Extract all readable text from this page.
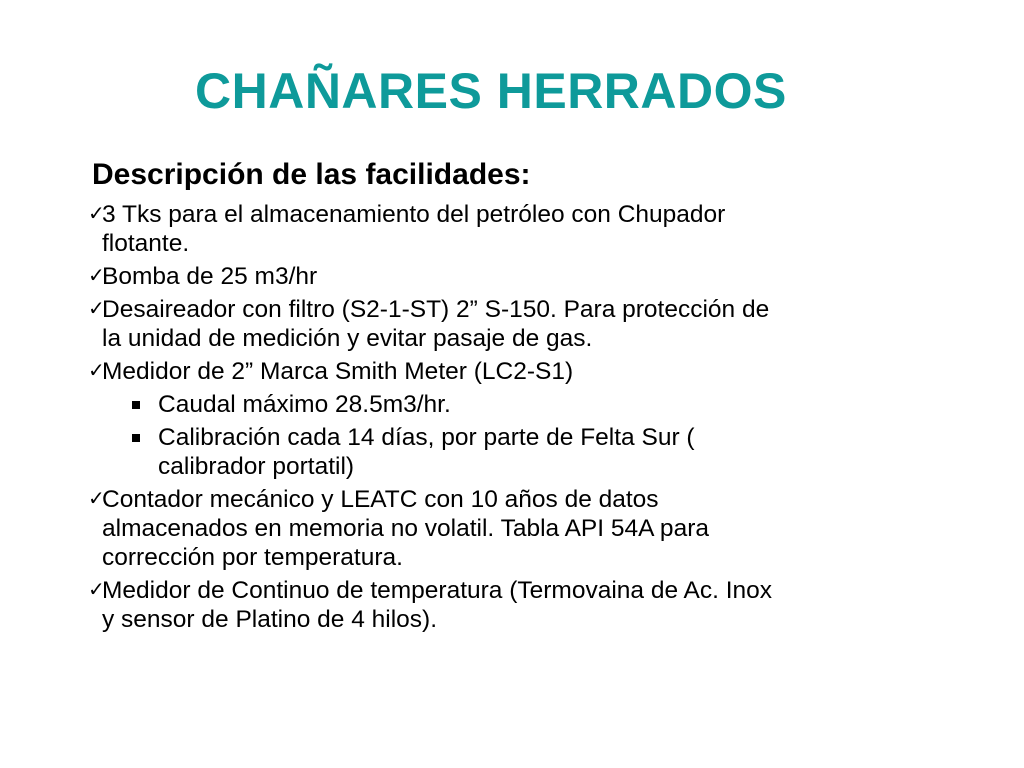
CHAÑARES HERRADOS
Descripción de las facilidades:
✓
3 Tks para el almacenamiento del petróleo con Chupador
flotante.
✓
Bomba de 25 m3/hr
✓
Desaireador con filtro (S2-1-ST) 2” S-150. Para protección de
la unidad de medición y evitar pasaje de gas.
✓
Medidor de 2” Marca Smith Meter (LC2-S1)
Caudal máximo 28.5m3/hr.
Calibración cada 14 días, por parte de Felta Sur (
calibrador portatil)
✓
Contador mecánico y LEATC con 10 años de datos
almacenados en memoria no volatil. Tabla API 54A para
corrección por temperatura.
✓
Medidor de Continuo de temperatura (Termovaina de Ac. Inox
y sensor de Platino de 4 hilos).
